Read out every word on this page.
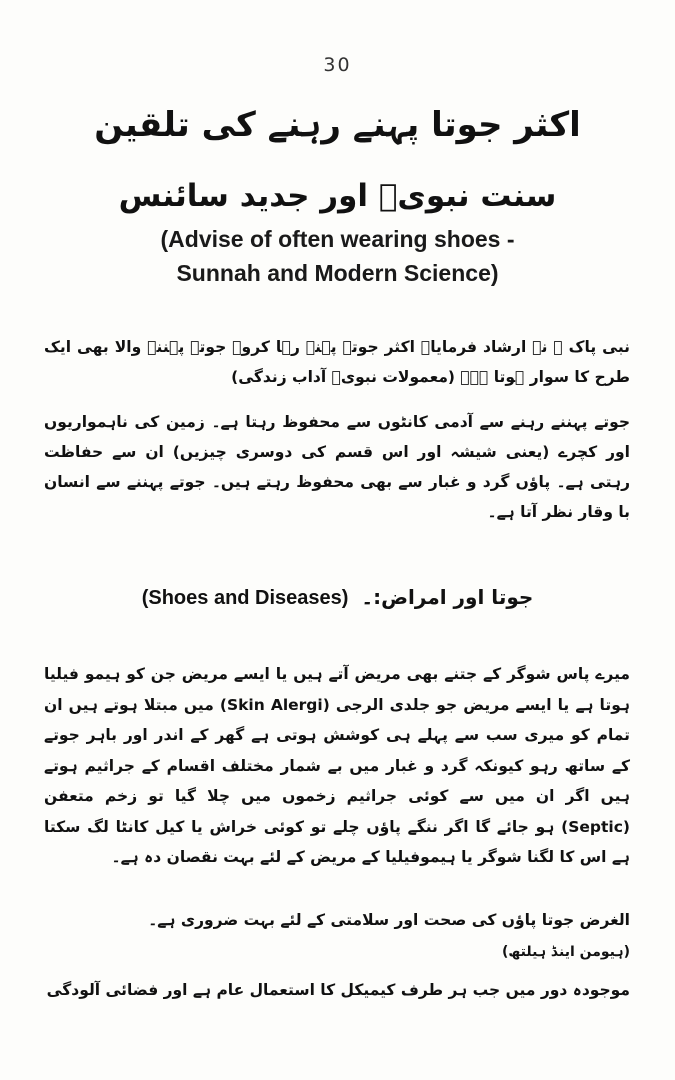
30
اکثر جوتا پہنے رہنے کی تلقین
سنت نبویؐ اور جدید سائنس
(Advise of often wearing shoes -
Sunnah and Modern Science)

نبی پاک ﷺ نے ارشاد فرمایا۔ اکثر جوتے پہنے رہا کرو۔ جوتے پہننے والا بھی ایک طرح کا سوار ہوتا ہے۔ (معمولات نبویؐ آداب زندگی)

جوتے پہننے رہنے سے آدمی کانٹوں سے محفوظ رہتا ہے۔ زمین کی ناہمواریوں اور کچرے (یعنی شیشہ اور اس قسم کی دوسری چیزیں) ان سے حفاظت رہتی ہے۔ پاؤں گرد و غبار سے بھی محفوظ رہتے ہیں۔ جوتے پہننے سے انسان با وقار نظر آتا ہے۔

(Shoes and Diseases) جوتا اور امراض:۔

میرے پاس شوگر کے جتنے بھی مریض آتے ہیں یا ایسے مریض جن کو ہیمو فیلیا ہوتا ہے یا ایسے مریض جو جلدی الرجی (Skin Alergi) میں مبتلا ہوتے ہیں ان تمام کو میری سب سے پہلے ہی کوشش ہوتی ہے گھر کے اندر اور باہر جوتے کے ساتھ رہو کیونکہ گرد و غبار میں بے شمار مختلف اقسام کے جراثیم ہوتے ہیں اگر ان میں سے کوئی جراثیم زخموں میں چلا گیا تو زخم متعفن (Septic) ہو جائے گا اگر ننگے پاؤں چلے تو کوئی خراش یا کیل کانٹا لگ سکتا ہے اس کا لگنا شوگر یا ہیموفیلیا کے مریض کے لئے بہت نقصان دہ ہے۔

الغرض جوتا پاؤں کی صحت اور سلامتی کے لئے بہت ضروری ہے۔

(ہیومن اینڈ ہیلتھ)

موجودہ دور میں جب ہر طرف کیمیکل کا استعمال عام ہے اور فضائی آلودگی
